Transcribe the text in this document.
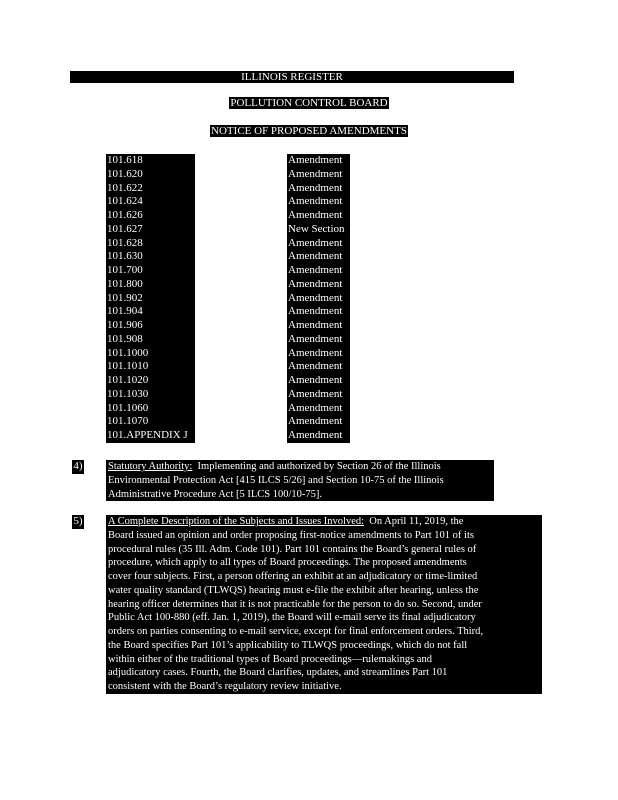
ILLINOIS REGISTER
POLLUTION CONTROL BOARD
NOTICE OF PROPOSED AMENDMENTS
101.618	Amendment
101.620	Amendment
101.622	Amendment
101.624	Amendment
101.626	Amendment
101.627	New Section
101.628	Amendment
101.630	Amendment
101.700	Amendment
101.800	Amendment
101.902	Amendment
101.904	Amendment
101.906	Amendment
101.908	Amendment
101.1000	Amendment
101.1010	Amendment
101.1020	Amendment
101.1030	Amendment
101.1060	Amendment
101.1070	Amendment
101.APPENDIX J	Amendment
4) Statutory Authority: Implementing and authorized by Section 26 of the Illinois
Environmental Protection Act [415 ILCS 5/26] and Section 10-75 of the Illinois
Administrative Procedure Act [5 ILCS 100/10-75].
5) A Complete Description of the Subjects and Issues Involved: On April 11, 2019, the
Board issued an opinion and order proposing first-notice amendments to Part 101 of its
procedural rules (35 Ill. Adm. Code 101). Part 101 contains the Board’s general rules of
procedure, which apply to all types of Board proceedings. The proposed amendments
cover four subjects. First, a person offering an exhibit at an adjudicatory or time-limited
water quality standard (TLWQS) hearing must e-file the exhibit after hearing, unless the
hearing officer determines that it is not practicable for the person to do so. Second, under
Public Act 100-880 (eff. Jan. 1, 2019), the Board will e-mail serve its final adjudicatory
orders on parties consenting to e-mail service, except for final enforcement orders. Third,
the Board specifies Part 101’s applicability to TLWQS proceedings, which do not fall
within either of the traditional types of Board proceedings—rulemakings and
adjudicatory cases. Fourth, the Board clarifies, updates, and streamlines Part 101
consistent with the Board’s regulatory review initiative.
